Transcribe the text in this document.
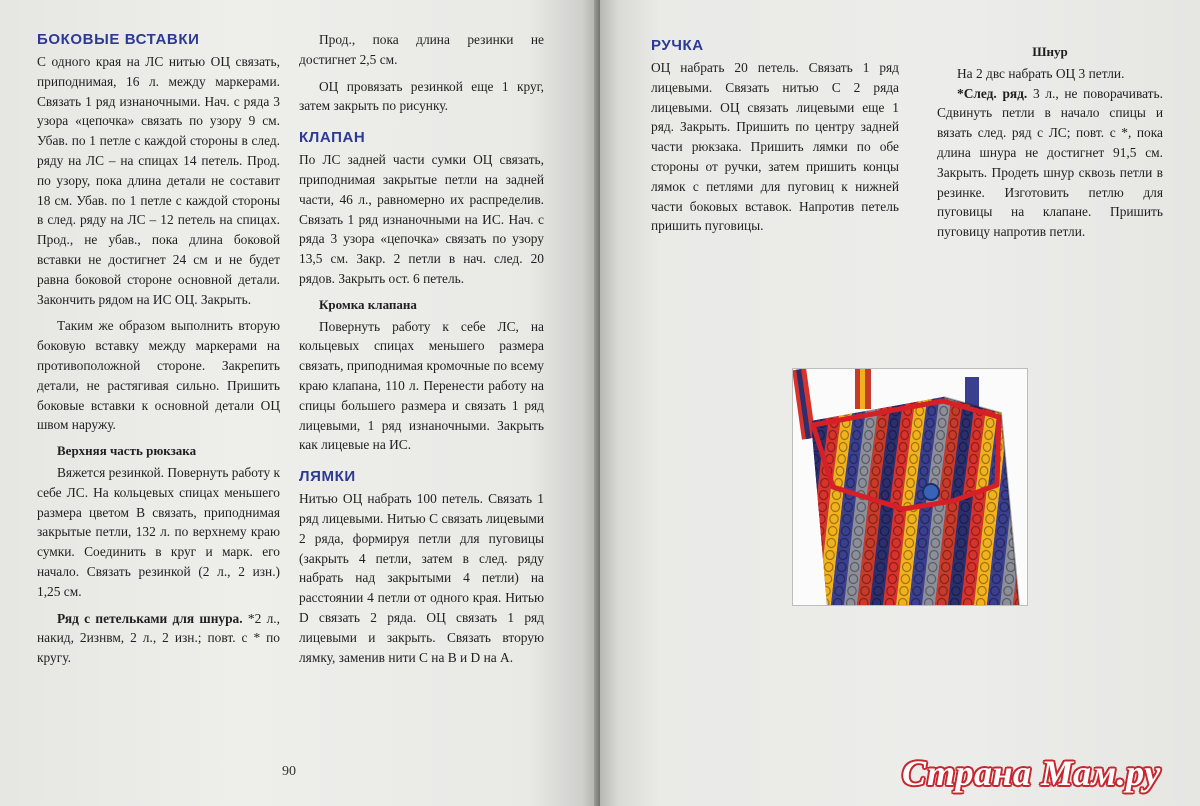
БОКОВЫЕ ВСТАВКИ

С одного края на ЛС нитью ОЦ связать, приподнимая, 16 л. между маркерами. Связать 1 ряд изнаночными. Нач. с ряда 3 узора «цепочка» связать по узору 9 см. Убав. по 1 петле с каждой стороны в след. ряду на ЛС – на спицах 14 петель. Прод. по узору, пока длина детали не составит 18 см. Убав. по 1 петле с каждой стороны в след. ряду на ЛС – 12 петель на спицах. Прод., не убав., пока длина боковой вставки не достигнет 24 см и не будет равна боковой стороне основной детали. Закончить рядом на ИС ОЦ. Закрыть.

Таким же образом выполнить вторую боковую вставку между маркерами на противоположной стороне. Закрепить детали, не растягивая сильно. Пришить боковые вставки к основной детали ОЦ швом наружу.

Верхняя часть рюкзака

Вяжется резинкой. Повернуть работу к себе ЛС. На кольцевых спицах меньшего размера цветом В связать, приподнимая закрытые петли, 132 л. по верхнему краю сумки. Соединить в круг и марк. его начало. Связать резинкой (2 л., 2 изн.) 1,25 см.

Ряд с петельками для шнура. *2 л., накид, 2изнвм, 2 л., 2 изн.; повт. с * по кругу.

Прод., пока длина резинки не достигнет 2,5 см.

ОЦ провязать резинкой еще 1 круг, затем закрыть по рисунку.

КЛАПАН

По ЛС задней части сумки ОЦ связать, приподнимая закрытые петли на задней части, 46 л., равномерно их распределив. Связать 1 ряд изнаночными на ИС. Нач. с ряда 3 узора «цепочка» связать по узору 13,5 см. Закр. 2 петли в нач. след. 20 рядов. Закрыть ост. 6 петель.

Кромка клапана

Повернуть работу к себе ЛС, на кольцевых спицах меньшего размера связать, приподнимая кромочные по всему краю клапана, 110 л. Перенести работу на спицы большего размера и связать 1 ряд лицевыми, 1 ряд изнаночными. Закрыть как лицевые на ИС.

ЛЯМКИ

Нитью ОЦ набрать 100 петель. Связать 1 ряд лицевыми. Нитью С связать лицевыми 2 ряда, формируя петли для пуговицы (закрыть 4 петли, затем в след. ряду набрать над закрытыми 4 петли) на расстоянии 4 петли от одного края. Нитью D связать 2 ряда. ОЦ связать 1 ряд лицевыми и закрыть. Связать вторую лямку, заменив нити С на В и D на А.

90
РУЧКА

ОЦ набрать 20 петель. Связать 1 ряд лицевыми. Связать нитью С 2 ряда лицевыми. ОЦ связать лицевыми еще 1 ряд. Закрыть. Пришить по центру задней части рюкзака. Пришить лямки по обе стороны от ручки, затем пришить концы лямок с петлями для пуговиц к нижней части боковых вставок. Напротив петель пришить пуговицы.

Шнур

На 2 двс набрать ОЦ 3 петли.

*След. ряд. 3 л., не поворачивать. Сдвинуть петли в начало спицы и вязать след. ряд с ЛС; повт. с *, пока длина шнура не достигнет 91,5 см. Закрыть. Продеть шнур сквозь петли в резинке. Изготовить петлю для пуговицы на клапане. Пришить пуговицу напротив петли.

Страна Мам.ру
